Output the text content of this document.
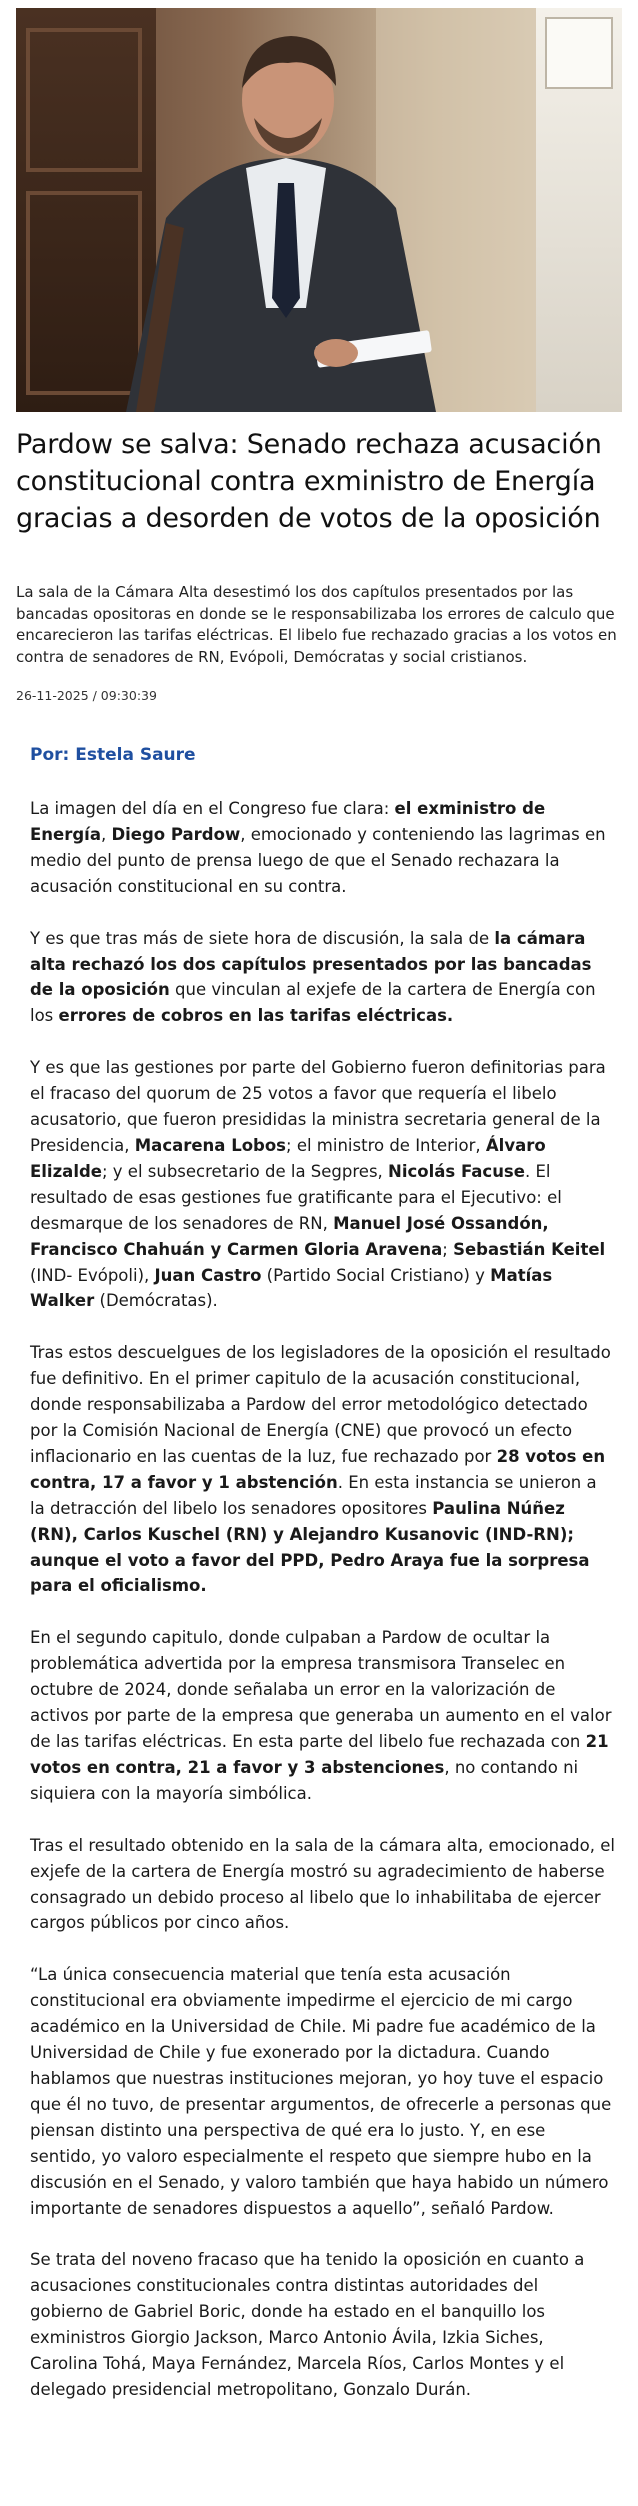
Pardow se salva: Senado rechaza acusación constitucional contra exministro de Energía gracias a desorden de votos de la oposición

La sala de la Cámara Alta desestimó los dos capítulos presentados por las bancadas opositoras en donde se le responsabilizaba los errores de calculo que encarecieron las tarifas eléctricas. El libelo fue rechazado gracias a los votos en contra de senadores de RN, Evópoli, Demócratas y social cristianos.

26-11-2025 / 09:30:39
Por: Estela Saure

La imagen del día en el Congreso fue clara: el exministro de Energía, Diego Pardow, emocionado y conteniendo las lagrimas en medio del punto de prensa luego de que el Senado rechazara la acusación constitucional en su contra.

Y es que tras más de siete hora de discusión, la sala de la cámara alta rechazó los dos capítulos presentados por las bancadas de la oposición que vinculan al exjefe de la cartera de Energía con los errores de cobros en las tarifas eléctricas.

Y es que las gestiones por parte del Gobierno fueron definitorias para el fracaso del quorum de 25 votos a favor que requería el libelo acusatorio, que fueron presididas la ministra secretaria general de la Presidencia, Macarena Lobos; el ministro de Interior, Álvaro Elizalde; y el subsecretario de la Segpres, Nicolás Facuse. El resultado de esas gestiones fue gratificante para el Ejecutivo: el desmarque de los senadores de RN, Manuel José Ossandón, Francisco Chahuán y Carmen Gloria Aravena; Sebastián Keitel (IND- Evópoli), Juan Castro (Partido Social Cristiano) y Matías Walker (Demócratas).

Tras estos descuelgues de los legisladores de la oposición el resultado fue definitivo. En el primer capitulo de la acusación constitucional, donde responsabilizaba a Pardow del error metodológico detectado por la Comisión Nacional de Energía (CNE) que provocó un efecto inflacionario en las cuentas de la luz, fue rechazado por 28 votos en contra, 17 a favor y 1 abstención. En esta instancia se unieron a la detracción del libelo los senadores opositores Paulina Núñez (RN), Carlos Kuschel (RN) y Alejandro Kusanovic (IND-RN); aunque el voto a favor del PPD, Pedro Araya fue la sorpresa para el oficialismo.

En el segundo capitulo, donde culpaban a Pardow de ocultar la problemática advertida por la empresa transmisora Transelec en octubre de 2024, donde señalaba un error en la valorización de activos por parte de la empresa que generaba un aumento en el valor de las tarifas eléctricas. En esta parte del libelo fue rechazada con 21 votos en contra, 21 a favor y 3 abstenciones, no contando ni siquiera con la mayoría simbólica.

Tras el resultado obtenido en la sala de la cámara alta, emocionado, el exjefe de la cartera de Energía mostró su agradecimiento de haberse consagrado un debido proceso al libelo que lo inhabilitaba de ejercer cargos públicos por cinco años.

“La única consecuencia material que tenía esta acusación constitucional era obviamente impedirme el ejercicio de mi cargo académico en la Universidad de Chile. Mi padre fue académico de la Universidad de Chile y fue exonerado por la dictadura. Cuando hablamos que nuestras instituciones mejoran, yo hoy tuve el espacio que él no tuvo, de presentar argumentos, de ofrecerle a personas que piensan distinto una perspectiva de qué era lo justo. Y, en ese sentido, yo valoro especialmente el respeto que siempre hubo en la discusión en el Senado, y valoro también que haya habido un número importante de senadores dispuestos a aquello”, señaló Pardow.

Se trata del noveno fracaso que ha tenido la oposición en cuanto a acusaciones constitucionales contra distintas autoridades del gobierno de Gabriel Boric, donde ha estado en el banquillo los exministros Giorgio Jackson, Marco Antonio Ávila, Izkia Siches, Carolina Tohá, Maya Fernández, Marcela Ríos, Carlos Montes y el delegado presidencial metropolitano, Gonzalo Durán.
